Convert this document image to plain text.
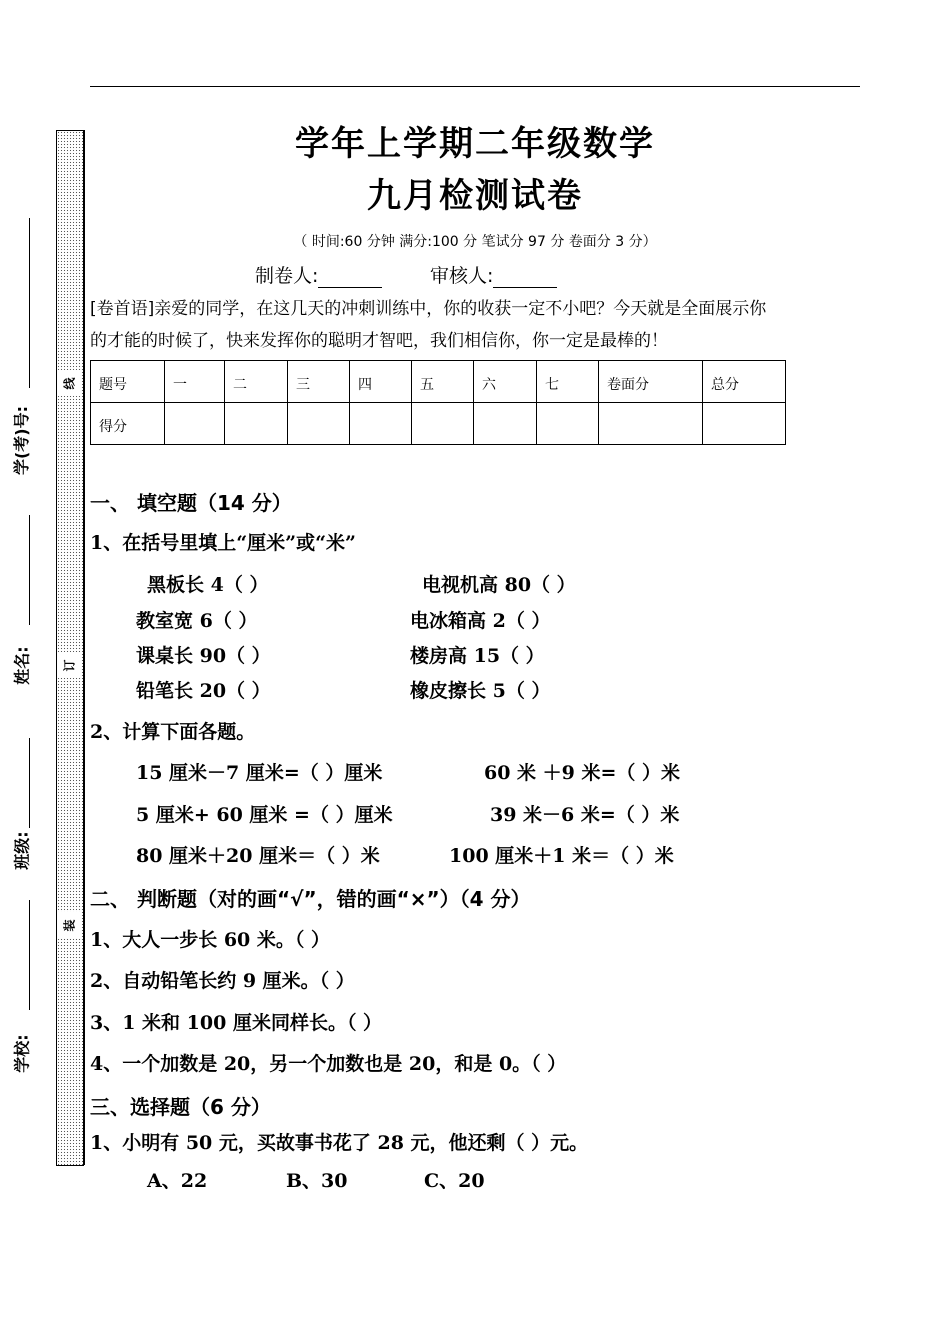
线
订
装
学(考)号:
姓名:
班级:
学校:
学年上学期二年级数学
九月检测试卷
（ 时间:60 分钟 满分:100 分 笔试分 97 分 卷面分 3 分）
制卷人:	审核人:
[卷首语]亲爱的同学，在这几天的冲刺训练中，你的收获一定不小吧？今天就是全面展示你
的才能的时候了，快来发挥你的聪明才智吧，我们相信你，你一定是最棒的！
题号	一	二	三	四	五	六	七	卷面分	总分
得分									
一、 填空题（14 分）
1、在括号里填上“厘米”或“米”
黑板长 4（ ）	电视机高 80（ ）
教室宽 6（ ）	电冰箱高 2（ ）
课桌长 90（ ）	楼房高 15（ ）
铅笔长 20（ ）	橡皮擦长 5（ ）
2、计算下面各题。
15 厘米－7 厘米=（ ）厘米	60 米 ＋9 米=（ ）米
5 厘米+ 60 厘米 =（ ）厘米	39 米－6 米=（ ）米
80 厘米＋20 厘米＝（ ）米	100 厘米＋1 米＝（ ）米
二、 判断题（对的画“√”，错的画“×”）（4 分）
1、大人一步长 60 米。（ ）
2、自动铅笔长约 9 厘米。（ ）
3、1 米和 100 厘米同样长。（ ）
4、一个加数是 20，另一个加数也是 20，和是 0。（ ）
三、选择题（6 分）
1、小明有 50 元，买故事书花了 28 元，他还剩（ ）元。
A、22	B、30	C、20
